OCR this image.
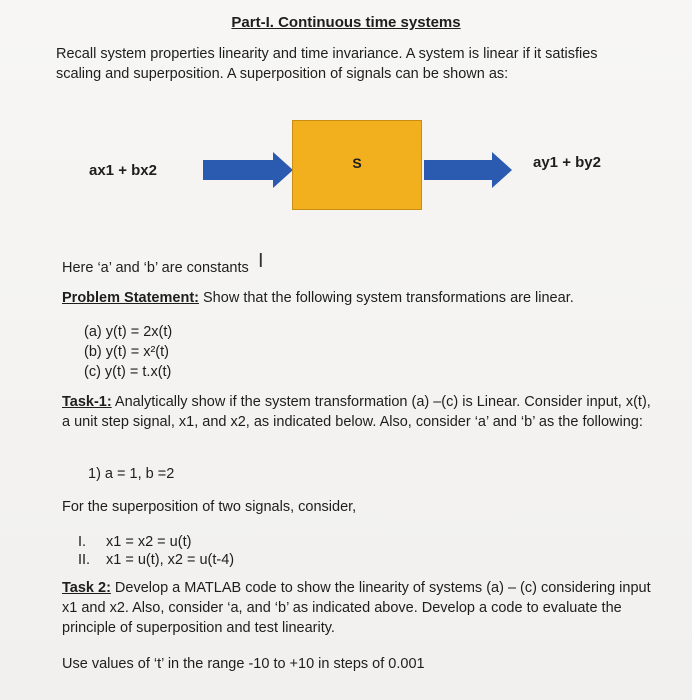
Part-I. Continuous time systems
Recall system properties linearity and time invariance. A system is linear if it satisfies scaling and superposition. A superposition of signals can be shown as:
ax1 + bx2	S	ay1 + by2
Here ‘a’ and ‘b’ are constants I
Problem Statement: Show that the following system transformations are linear.
(a) y(t) = 2x(t)
(b) y(t) = x²(t)
(c) y(t) = t.x(t)
Task-1: Analytically show if the system transformation (a) –(c) is Linear. Consider input, x(t), a unit step signal, x1, and x2, as indicated below. Also, consider ‘a’ and ‘b’ as the following:
1) a = 1, b =2
For the superposition of two signals, consider,
I. x1 = x2 = u(t)
II. x1 = u(t), x2 = u(t-4)
Task 2: Develop a MATLAB code to show the linearity of systems (a) – (c) considering input x1 and x2. Also, consider ‘a, and ‘b’ as indicated above. Develop a code to evaluate the principle of superposition and test linearity.
Use values of ‘t’ in the range -10 to +10 in steps of 0.001
